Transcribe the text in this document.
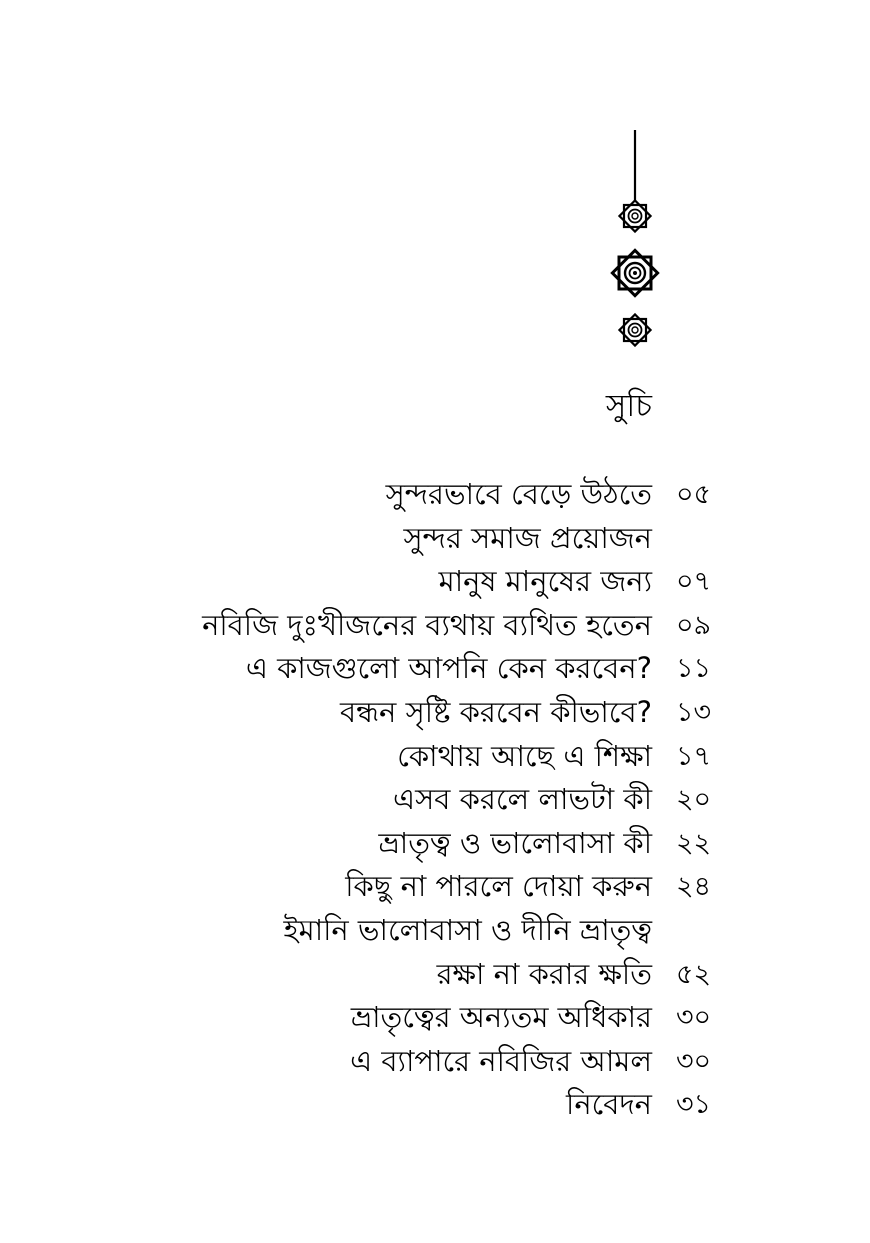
সুচি
সুন্দরভাবে বেড়ে উঠতে ০৫
সুন্দর সমাজ প্রয়োজন
মানুষ মানুষের জন্য ০৭
নবিজি দুঃখীজনের ব্যথায় ব্যথিত হতেন ০৯
এ কাজগুলো আপনি কেন করবেন? ১১
বন্ধন সৃষ্টি করবেন কীভাবে? ১৩
কোথায় আছে এ শিক্ষা ১৭
এসব করলে লাভটা কী ২০
ভ্রাতৃত্ব ও ভালোবাসা কী ২২
কিছু না পারলে দোয়া করুন ২৪
ইমানি ভালোবাসা ও দীনি ভ্রাতৃত্ব
রক্ষা না করার ক্ষতি ৫২
ভ্রাতৃত্বের অন্যতম অধিকার ৩০
এ ব্যাপারে নবিজির আমল ৩০
নিবেদন ৩১
